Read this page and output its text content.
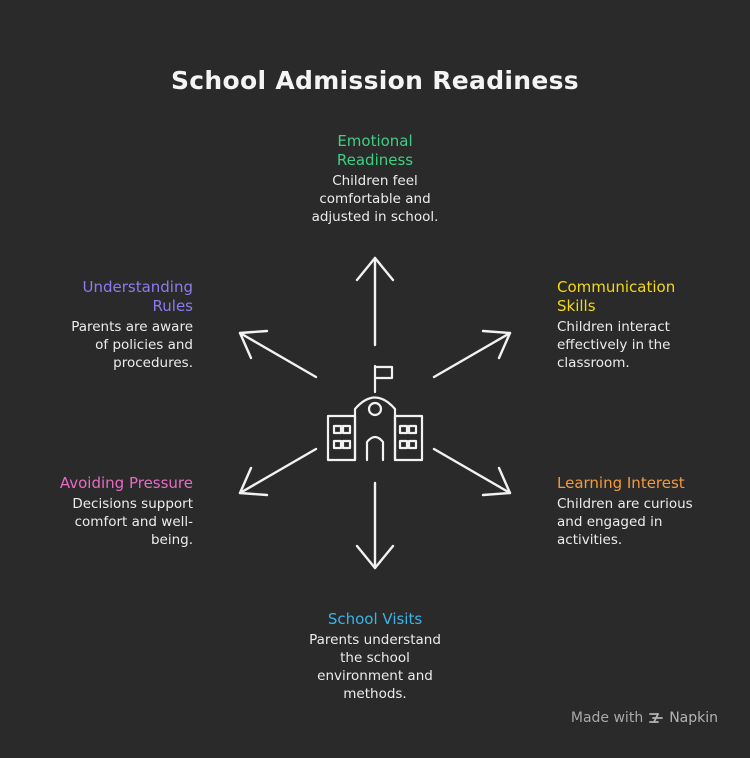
School Admission Readiness
Emotional
Readiness
Children feel
comfortable and
adjusted in school.
Understanding
Rules
Parents are aware
of policies and
procedures.
Communication
Skills
Children interact
effectively in the
classroom.
Avoiding Pressure
Decisions support
comfort and well-
being.
Learning Interest
Children are curious
and engaged in
activities.
School Visits
Parents understand
the school
environment and
methods.
Made with Napkin
